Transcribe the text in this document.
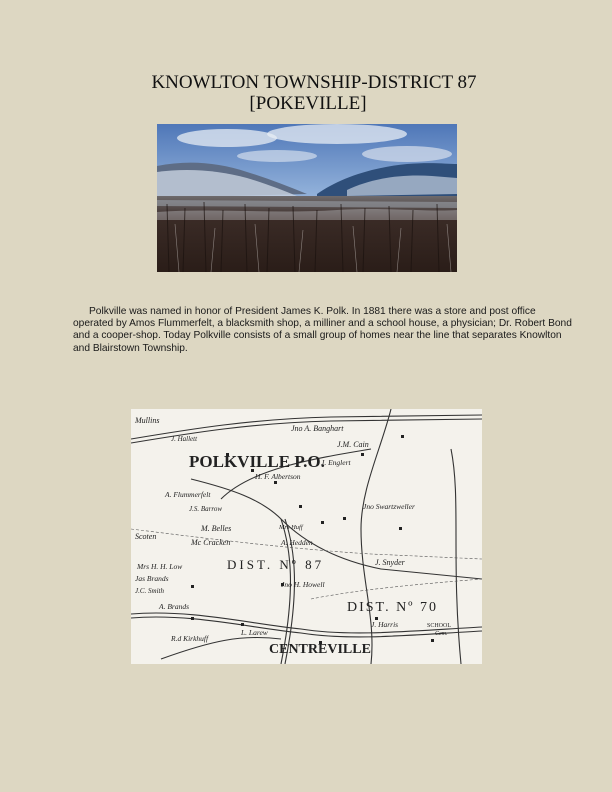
KNOWLTON TOWNSHIP-DISTRICT 87
[POKEVILLE]

Polkville was named in honor of President James K. Polk. In 1881 there was a store and post office operated by Amos Flummerfelt, a blacksmith shop, a milliner and a school house, a physician; Dr. Robert Bond and a cooper-shop. Today Polkville consists of a small group of homes near the line that separates Knowlton and Blairstown Township.

Mullins
Jno A. Banghart
J.M. Cain
J. Hallett
POLKVILLE P.O.
J. Englert
H. F. Albertson
A. Flummerfelt
J.S. Barrow	Jno Swartzweller
M. Belles
Mc Cracken
Mrs Huff
A. Hedden
Scoten
Mrs H. H. Low	DIST. Nº 87	J. Snyder
Jas Brands
J.C. Smith
Jno H. Howell
A. Brands	DIST. Nº 70
J. Harris	SCHOOL
Cem.
R.d Kirkhuff
L. Larew
CENTREVILLE
